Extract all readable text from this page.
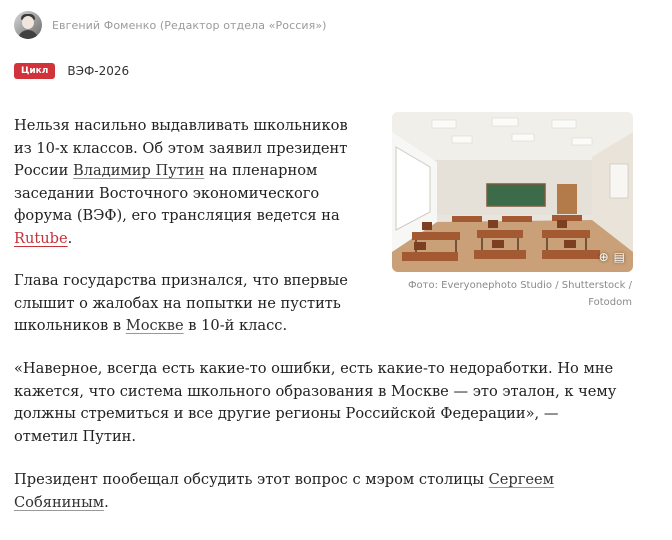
Евгений Фоменко (Редактор отдела «Россия»)
Цикл	ВЭФ-2026

Нельзя насильно выдавливать школьников
из 10-х классов. Об этом заявил президент
России Владимир Путин на пленарном
заседании Восточного экономического
форума (ВЭФ), его трансляция ведется на
Rutube.

⊕ ▤
Фото: Everyonephoto Studio / Shutterstock /
Fotodom

Глава государства признался, что впервые
слышит о жалобах на попытки не пустить
школьников в Москве в 10-й класс.

«Наверное, всегда есть какие-то ошибки, есть какие-то недоработки. Но мне
кажется, что система школьного образования в Москве — это эталон, к чему
должны стремиться и все другие регионы Российской Федерации», —
отметил Путин.

Президент пообещал обсудить этот вопрос с мэром столицы Сергеем
Собяниным.
